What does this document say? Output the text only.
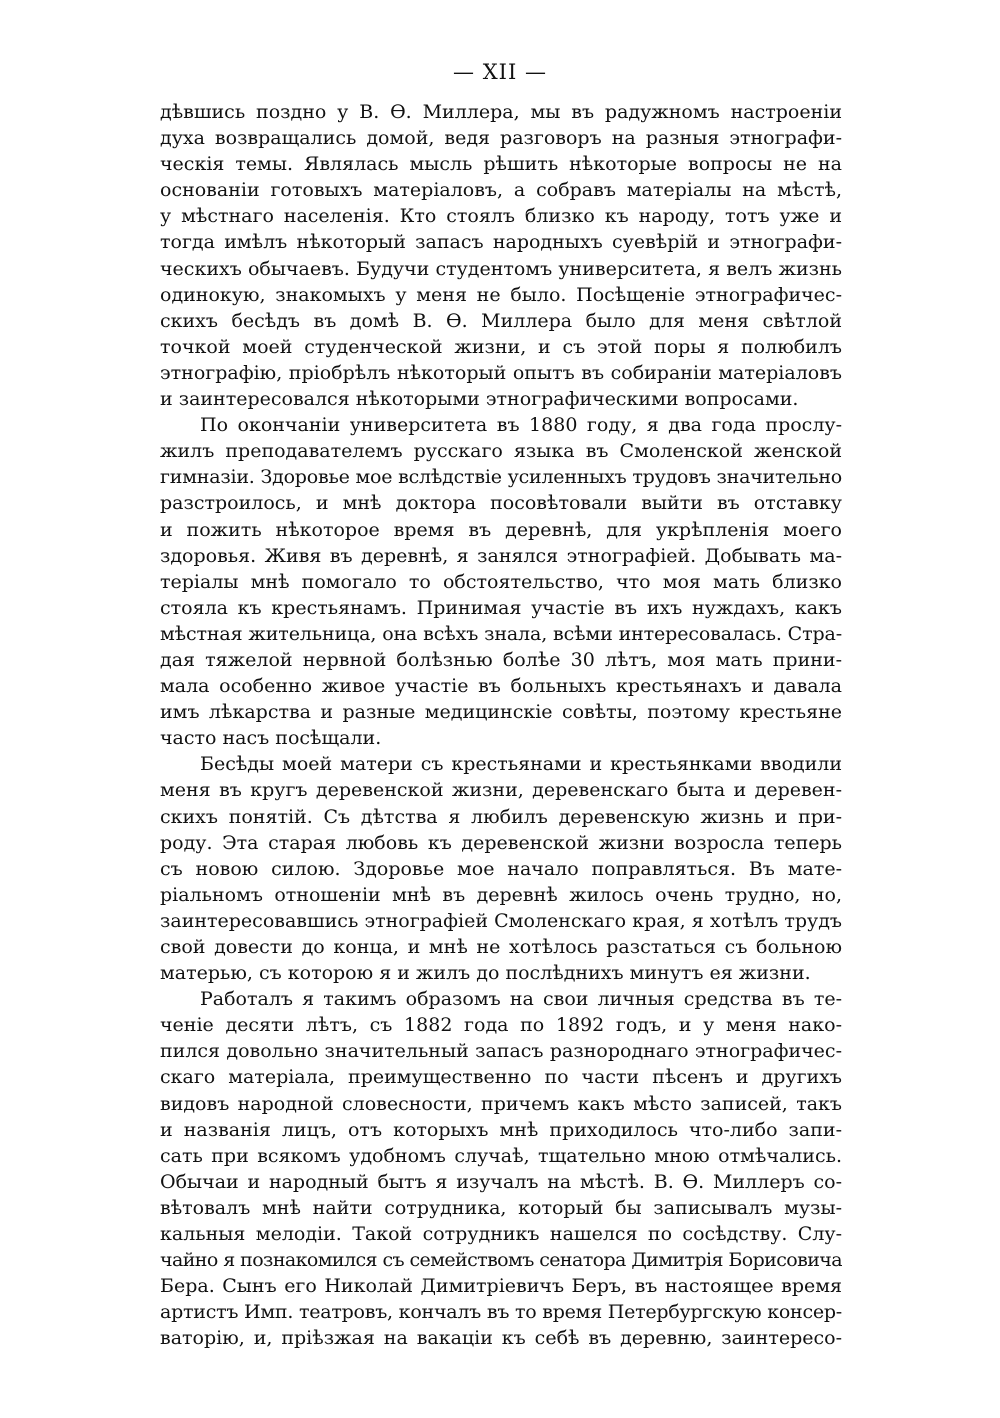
— XII —
дѣвшись поздно у В. Ѳ. Миллера, мы въ радужномъ настроеніи
духа возвращались домой, ведя разговоръ на разныя этнографи-
ческія темы. Являлась мысль рѣшить нѣкоторые вопросы не на
основаніи готовыхъ матеріаловъ, а собравъ матеріалы на мѣстѣ,
у мѣстнаго населенія. Кто стоялъ близко къ народу, тотъ уже и
тогда имѣлъ нѣкоторый запасъ народныхъ суевѣрій и этнографи-
ческихъ обычаевъ. Будучи студентомъ университета, я велъ жизнь
одинокую, знакомыхъ у меня не было. Посѣщеніе этнографичес-
скихъ бесѣдъ въ домѣ В. Ѳ. Миллера было для меня свѣтлой
точкой моей студенческой жизни, и съ этой поры я полюбилъ
этнографію, пріобрѣлъ нѣкоторый опытъ въ собираніи матеріаловъ
и заинтересовался нѣкоторыми этнографическими вопросами.
По окончаніи университета въ 1880 году, я два года прослу-
жилъ преподавателемъ русскаго языка въ Смоленской женской
гимназіи. Здоровье мое вслѣдствіе усиленныхъ трудовъ значительно
разстроилось, и мнѣ доктора посовѣтовали выйти въ отставку
и пожить нѣкоторое время въ деревнѣ, для укрѣпленія моего
здоровья. Живя въ деревнѣ, я занялся этнографіей. Добывать ма-
теріалы мнѣ помогало то обстоятельство, что моя мать близко
стояла къ крестьянамъ. Принимая участіе въ ихъ нуждахъ, какъ
мѣстная жительница, она всѣхъ знала, всѣми интересовалась. Стра-
дая тяжелой нервной болѣзнью болѣе 30 лѣтъ, моя мать прини-
мала особенно живое участіе въ больныхъ крестьянахъ и давала
имъ лѣкарства и разные медицинскіе совѣты, поэтому крестьяне
часто насъ посѣщали.
Бесѣды моей матери съ крестьянами и крестьянками вводили
меня въ кругъ деревенской жизни, деревенскаго быта и деревен-
скихъ понятій. Съ дѣтства я любилъ деревенскую жизнь и при-
роду. Эта старая любовь къ деревенской жизни возросла теперь
съ новою силою. Здоровье мое начало поправляться. Въ мате-
ріальномъ отношеніи мнѣ въ деревнѣ жилось очень трудно, но,
заинтересовавшись этнографіей Смоленскаго края, я хотѣлъ трудъ
свой довести до конца, и мнѣ не хотѣлось разстаться съ больною
матерью, съ которою я и жилъ до послѣднихъ минутъ ея жизни.
Работалъ я такимъ образомъ на свои личныя средства въ те-
ченіе десяти лѣтъ, съ 1882 года по 1892 годъ, и у меня нако-
пился довольно значительный запасъ разнороднаго этнографичес-
скаго матеріала, преимущественно по части пѣсенъ и другихъ
видовъ народной словесности, причемъ какъ мѣсто записей, такъ
и названія лицъ, отъ которыхъ мнѣ приходилось что-либо запи-
сать при всякомъ удобномъ случаѣ, тщательно мною отмѣчались.
Обычаи и народный бытъ я изучалъ на мѣстѣ. В. Ѳ. Миллеръ со-
вѣтовалъ мнѣ найти сотрудника, который бы записывалъ музы-
кальныя мелодіи. Такой сотрудникъ нашелся по сосѣдству. Слу-
чайно я познакомился съ семействомъ сенатора Димитрія Борисовича
Бера. Сынъ его Николай Димитріевичъ Беръ, въ настоящее время
артистъ Имп. театровъ, кончалъ въ то время Петербургскую консер-
ваторію, и, пріѣзжая на вакаціи къ себѣ въ деревню, заинтересо-
